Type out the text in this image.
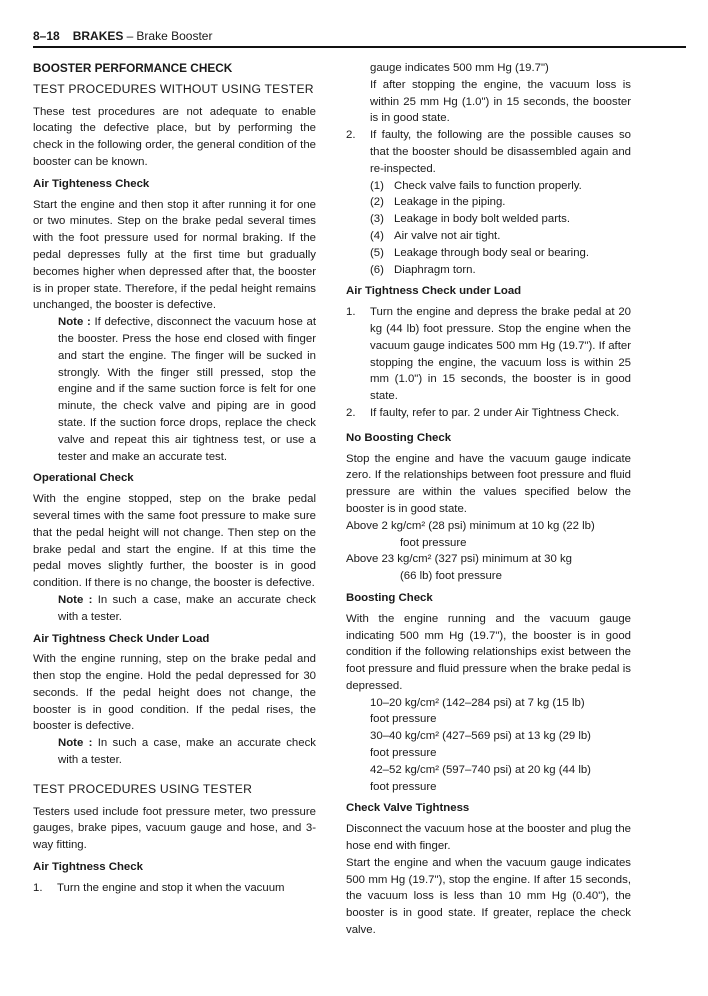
8–18 BRAKES – Brake Booster
BOOSTER PERFORMANCE CHECK
TEST PROCEDURES WITHOUT USING TESTER

These test procedures are not adequate to enable locating the defective place, but by performing the check in the following order, the general condition of the booster can be known.

Air Tighteness Check

Start the engine and then stop it after running it for one or two minutes. Step on the brake pedal several times with the foot pressure used for normal braking. If the pedal depresses fully at the first time but gradually becomes higher when depressed after that, the booster is in proper state. Therefore, if the pedal height remains unchanged, the booster is defective.

Note : If defective, disconnect the vacuum hose at the booster. Press the hose end closed with finger and start the engine. The finger will be sucked in strongly. With the finger still pressed, stop the engine and if the same suction force is felt for one minute, the check valve and piping are in good state. If the suction force drops, replace the check valve and repeat this air tightness test, or use a tester and make an accurate test.
Operational Check

With the engine stopped, step on the brake pedal several times with the same foot pressure to make sure that the pedal height will not change. Then step on the brake pedal and start the engine. If at this time the pedal moves slightly further, the booster is in good condition. If there is no change, the booster is defective.

Note : In such a case, make an accurate check with a tester.
Air Tightness Check Under Load

With the engine running, step on the brake pedal and then stop the engine. Hold the pedal depressed for 30 seconds. If the pedal height does not change, the booster is in good condition. If the pedal rises, the booster is defective.

Note : In such a case, make an accurate check with a tester.
TEST PROCEDURES USING TESTER

Testers used include foot pressure meter, two pressure gauges, brake pipes, vacuum gauge and hose, and 3-way fitting.

Air Tightness Check
1.	Turn the engine and stop it when the vacuum
gauge indicates 500 mm Hg (19.7")
If after stopping the engine, the vacuum loss is within 25 mm Hg (1.0") in 15 seconds, the booster is in good state.
2.	If faulty, the following are the possible causes so that the booster should be disassembled again and re-inspected.
(1) Check valve fails to function properly.
(2) Leakage in the piping.
(3) Leakage in body bolt welded parts.
(4) Air valve not air tight.
(5) Leakage through body seal or bearing.
(6) Diaphragm torn.
Air Tightness Check under Load
1.	Turn the engine and depress the brake pedal at 20 kg (44 lb) foot pressure. Stop the engine when the vacuum gauge indicates 500 mm Hg (19.7"). If after stopping the engine, the vacuum loss is within 25 mm (1.0") in 15 seconds, the booster is in good state.
2.	If faulty, refer to par. 2 under Air Tightness Check.
No Boosting Check

Stop the engine and have the vacuum gauge indicate zero. If the relationships between foot pressure and fluid pressure are within the values specified below the booster is in good state.

Above 2 kg/cm² (28 psi) minimum at 10 kg (22 lb)
foot pressure
Above 23 kg/cm² (327 psi) minimum at 30 kg
(66 lb) foot pressure
Boosting Check

With the engine running and the vacuum gauge indicating 500 mm Hg (19.7"), the booster is in good condition if the following relationships exist between the foot pressure and fluid pressure when the brake pedal is depressed.

10–20 kg/cm² (142–284 psi) at 7 kg (15 lb)
foot pressure
30–40 kg/cm² (427–569 psi) at 13 kg (29 lb)
foot pressure
42–52 kg/cm² (597–740 psi) at 20 kg (44 lb)
foot pressure
Check Valve Tightness

Disconnect the vacuum hose at the booster and plug the hose end with finger.

Start the engine and when the vacuum gauge indicates 500 mm Hg (19.7"), stop the engine. If after 15 seconds, the vacuum loss is less than 10 mm Hg (0.40"), the booster is in good state. If greater, replace the check valve.
